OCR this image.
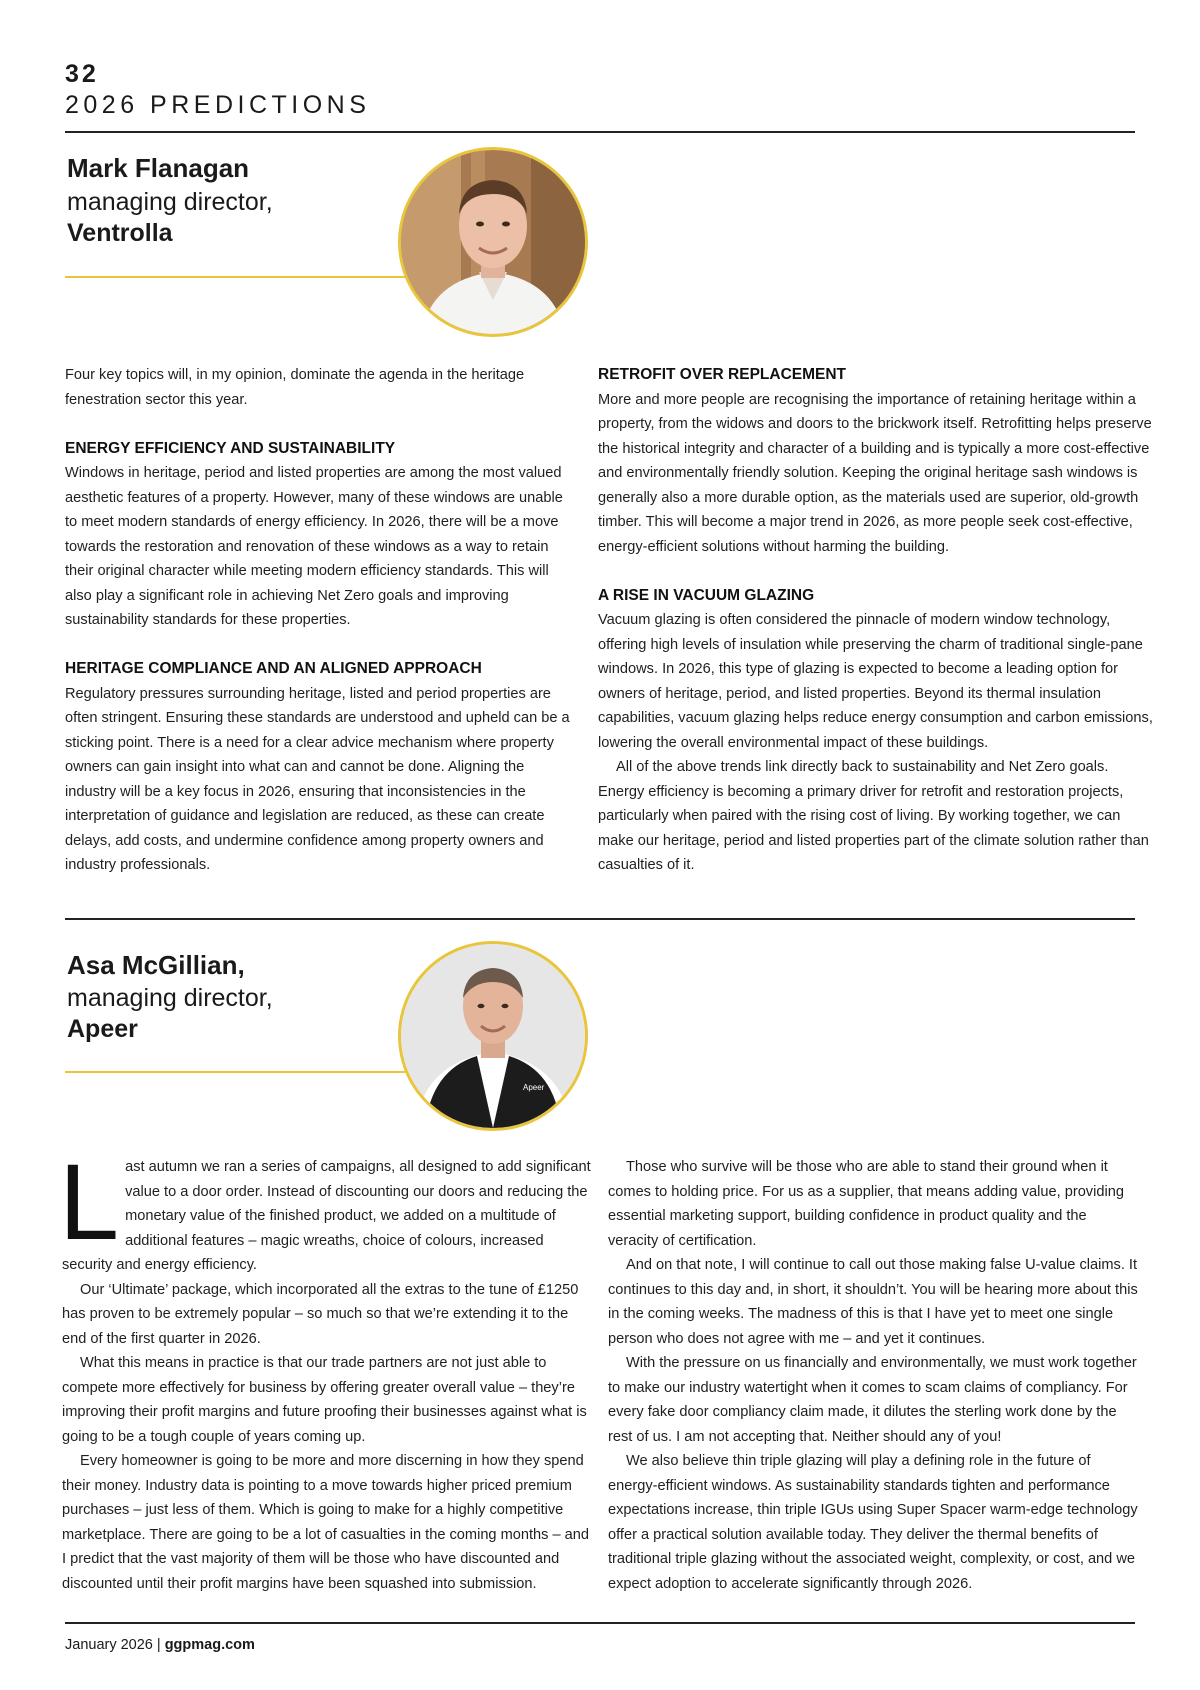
32
2026 PREDICTIONS
Mark Flanagan
managing director,
Ventrolla

Four key topics will, in my opinion, dominate the agenda in the heritage fenestration sector this year.

ENERGY EFFICIENCY AND SUSTAINABILITY

Windows in heritage, period and listed properties are among the most valued aesthetic features of a property. However, many of these windows are unable to meet modern standards of energy efficiency. In 2026, there will be a move towards the restoration and renovation of these windows as a way to retain their original character while meeting modern efficiency standards. This will also play a significant role in achieving Net Zero goals and improving sustainability standards for these properties.

HERITAGE COMPLIANCE AND AN ALIGNED APPROACH

Regulatory pressures surrounding heritage, listed and period properties are often stringent. Ensuring these standards are understood and upheld can be a sticking point. There is a need for a clear advice mechanism where property owners can gain insight into what can and cannot be done. Aligning the industry will be a key focus in 2026, ensuring that inconsistencies in the interpretation of guidance and legislation are reduced, as these can create delays, add costs, and undermine confidence among property owners and industry professionals.

RETROFIT OVER REPLACEMENT

More and more people are recognising the importance of retaining heritage within a property, from the widows and doors to the brickwork itself. Retrofitting helps preserve the historical integrity and character of a building and is typically a more cost-effective and environmentally friendly solution. Keeping the original heritage sash windows is generally also a more durable option, as the materials used are superior, old-growth timber. This will become a major trend in 2026, as more people seek cost-effective, energy-efficient solutions without harming the building.

A RISE IN VACUUM GLAZING

Vacuum glazing is often considered the pinnacle of modern window technology, offering high levels of insulation while preserving the charm of traditional single-pane windows. In 2026, this type of glazing is expected to become a leading option for owners of heritage, period, and listed properties. Beyond its thermal insulation capabilities, vacuum glazing helps reduce energy consumption and carbon emissions, lowering the overall environmental impact of these buildings.

All of the above trends link directly back to sustainability and Net Zero goals. Energy efficiency is becoming a primary driver for retrofit and restoration projects, particularly when paired with the rising cost of living. By working together, we can make our heritage, period and listed properties part of the climate solution rather than casualties of it.

Asa McGillian,
managing director,
Apeer
Apeer

Last autumn we ran a series of campaigns, all designed to add significant value to a door order. Instead of discounting our doors and reducing the monetary value of the finished product, we added on a multitude of additional features – magic wreaths, choice of colours, increased security and energy efficiency.

Our ‘Ultimate’ package, which incorporated all the extras to the tune of £1250 has proven to be extremely popular – so much so that we’re extending it to the end of the first quarter in 2026.

What this means in practice is that our trade partners are not just able to compete more effectively for business by offering greater overall value – they’re improving their profit margins and future proofing their businesses against what is going to be a tough couple of years coming up.

Every homeowner is going to be more and more discerning in how they spend their money. Industry data is pointing to a move towards higher priced premium purchases – just less of them. Which is going to make for a highly competitive marketplace. There are going to be a lot of casualties in the coming months – and I predict that the vast majority of them will be those who have discounted and discounted until their profit margins have been squashed into submission.

Those who survive will be those who are able to stand their ground when it comes to holding price. For us as a supplier, that means adding value, providing essential marketing support, building confidence in product quality and the veracity of certification.

And on that note, I will continue to call out those making false U-value claims. It continues to this day and, in short, it shouldn’t. You will be hearing more about this in the coming weeks. The madness of this is that I have yet to meet one single person who does not agree with me – and yet it continues.

With the pressure on us financially and environmentally, we must work together to make our industry watertight when it comes to scam claims of compliancy. For every fake door compliancy claim made, it dilutes the sterling work done by the rest of us. I am not accepting that. Neither should any of you!

We also believe thin triple glazing will play a defining role in the future of energy-efficient windows. As sustainability standards tighten and performance expectations increase, thin triple IGUs using Super Spacer warm-edge technology offer a practical solution available today. They deliver the thermal benefits of traditional triple glazing without the associated weight, complexity, or cost, and we expect adoption to accelerate significantly through 2026.

January 2026 | ggpmag.com
